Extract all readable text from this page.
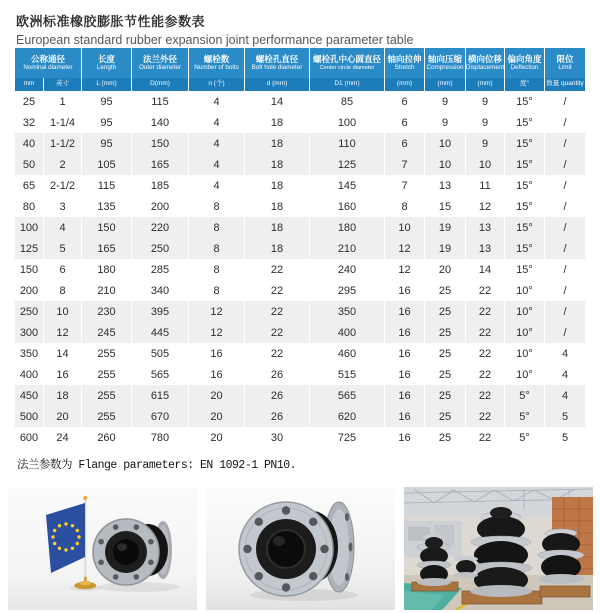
欧洲标准橡胶膨胀节性能参数表
European standard rubber expansion joint performance parameter table
公称通径
Nominal diameter
长度
Length
法兰外径
Outer diameter
螺栓数
Number of bolts
螺栓孔直径
Bolt hole diameter
螺栓孔中心圆直径
Center circle diameter
轴向拉伸
Stretch
轴向压缩
Compression
横向位移
Displacement
偏向角度
Deflection
限位
Limit
mm	英寸	L (mm)	D(mm)	n (个)	d (mm)	D1 (mm)	(mm)	(mm)	(mm)	度°	数量 quantity
25	1	95	115	4	14	85	6	9	9	15°	/
32	1-1/4	95	140	4	18	100	6	9	9	15°	/
40	1-1/2	95	150	4	18	110	6	10	9	15°	/
50	2	105	165	4	18	125	7	10	10	15°	/
65	2-1/2	115	185	4	18	145	7	13	11	15°	/
80	3	135	200	8	18	160	8	15	12	15°	/
100	4	150	220	8	18	180	10	19	13	15°	/
125	5	165	250	8	18	210	12	19	13	15°	/
150	6	180	285	8	22	240	12	20	14	15°	/
200	8	210	340	8	22	295	16	25	22	10°	/
250	10	230	395	12	22	350	16	25	22	10°	/
300	12	245	445	12	22	400	16	25	22	10°	/
350	14	255	505	16	22	460	16	25	22	10°	4
400	16	255	565	16	26	515	16	25	22	10°	4
450	18	255	615	20	26	565	16	25	22	5°	4
500	20	255	670	20	26	620	16	25	22	5°	5
600	24	260	780	20	30	725	16	25	22	5°	5
法兰参数为 Flange parameters: EN 1092-1 PN10.
